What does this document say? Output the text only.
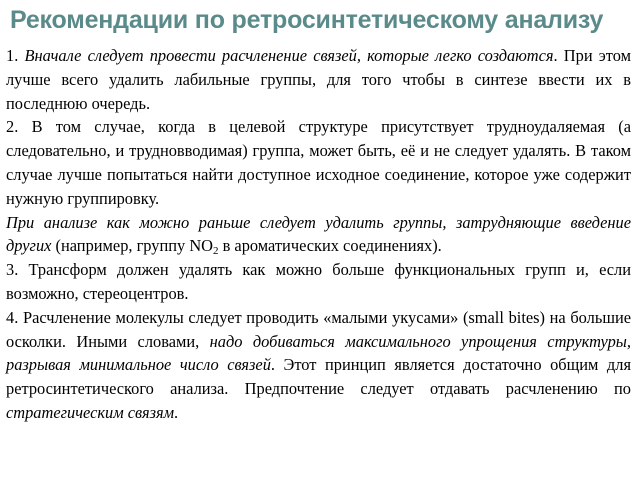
Рекомендации по ретросинтетическому анализу

1. Вначале следует провести расчленение связей, которые легко создаются. При этом лучше всего удалить лабильные группы, для того чтобы в синтезе ввести их в последнюю очередь.

2. В том случае, когда в целевой структуре присутствует трудноудаляемая (а следовательно, и трудновводимая) группа, может быть, её и не следует удалять. В таком случае лучше попытаться найти доступное исходное соединение, которое уже содержит нужную группировку.

При анализе как можно раньше следует удалить группы, затрудняющие введение других (например, группу $NO_2$ в ароматических соединениях).

3. Трансформ должен удалять как можно больше функциональных групп и, если возможно, стереоцентров.

4. Расчленение молекулы следует проводить «малыми укусами» (small bites) на большие осколки. Иными словами, надо добиваться максимального упрощения структуры, разрывая минимальное число связей. Этот принцип является достаточно общим для ретросинтетического анализа. Предпочтение следует отдавать расчленению по стратегическим связям.
